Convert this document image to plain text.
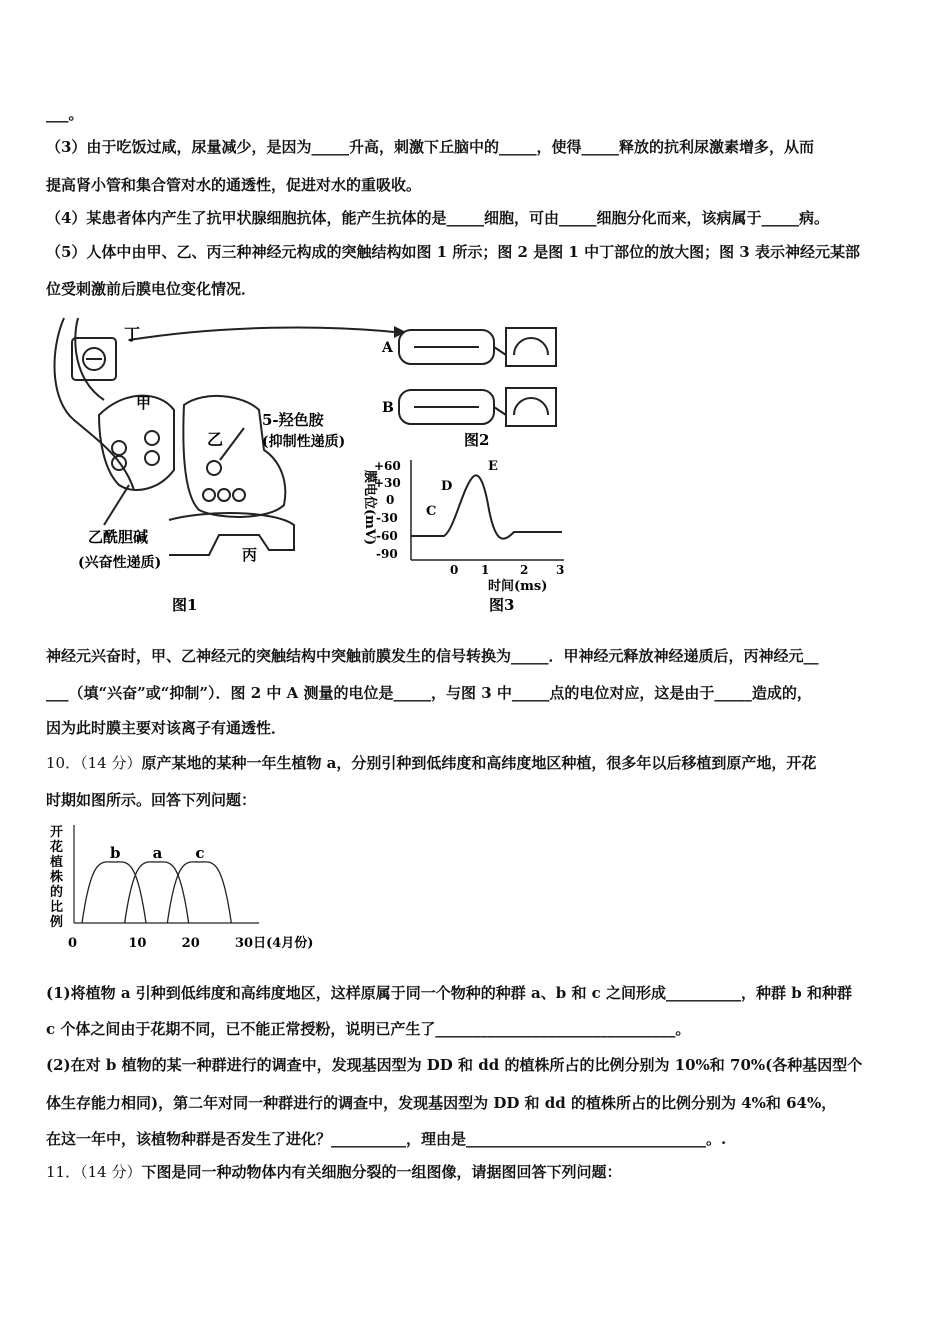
___。
（3）由于吃饭过咸，尿量减少，是因为_____升高，刺激下丘脑中的_____，使得_____释放的抗利尿激素增多，从而
提高肾小管和集合管对水的通透性，促进对水的重吸收。
（4）某患者体内产生了抗甲状腺细胞抗体，能产生抗体的是_____细胞，可由_____细胞分化而来，该病属于_____病。
（5）人体中由甲、乙、丙三种神经元构成的突触结构如图 1 所示；图 2 是图 1 中丁部位的放大图；图 3 表示神经元某部
位受刺激前后膜电位变化情况．
丁
甲
乙
丙
5-羟色胺
(抑制性递质)
乙酰胆碱
(兴奋性递质)
图1
A
B
图2
+60
+30
0
-30
-60
-90
0 1	2 3
时间(ms)
膜电位(mV)	C
D
E
图3
神经元兴奋时，甲、乙神经元的突触结构中突触前膜发生的信号转换为_____．甲神经元释放神经递质后，丙神经元__
___（填“兴奋”或“抑制”）．图 2 中 A 测量的电位是_____，与图 3 中_____点的电位对应，这是由于_____造成的，
因为此时膜主要对该离子有通透性．
10．（14 分）原产某地的某种一年生植物 a，分别引种到低纬度和高纬度地区种植，很多年以后移植到原产地，开花
时期如图所示。回答下列问题：
开
花
植
株
的
比
例
b a c
0	10	20	30日(4月份)
(1)将植物 a 引种到低纬度和高纬度地区，这样原属于同一个物种的种群 a、b 和 c 之间形成__________，种群 b 和种群
c 个体之间由于花期不同，已不能正常授粉，说明已产生了________________________________。
(2)在对 b 植物的某一种群进行的调查中，发现基因型为 DD 和 dd 的植株所占的比例分别为 10%和 70%(各种基因型个
体生存能力相同)，第二年对同一种群进行的调查中，发现基因型为 DD 和 dd 的植株所占的比例分别为 4%和 64%，
在这一年中，该植物种群是否发生了进化？__________，理由是________________________________。.
11．（14 分）下图是同一种动物体内有关细胞分裂的一组图像，请据图回答下列问题：
